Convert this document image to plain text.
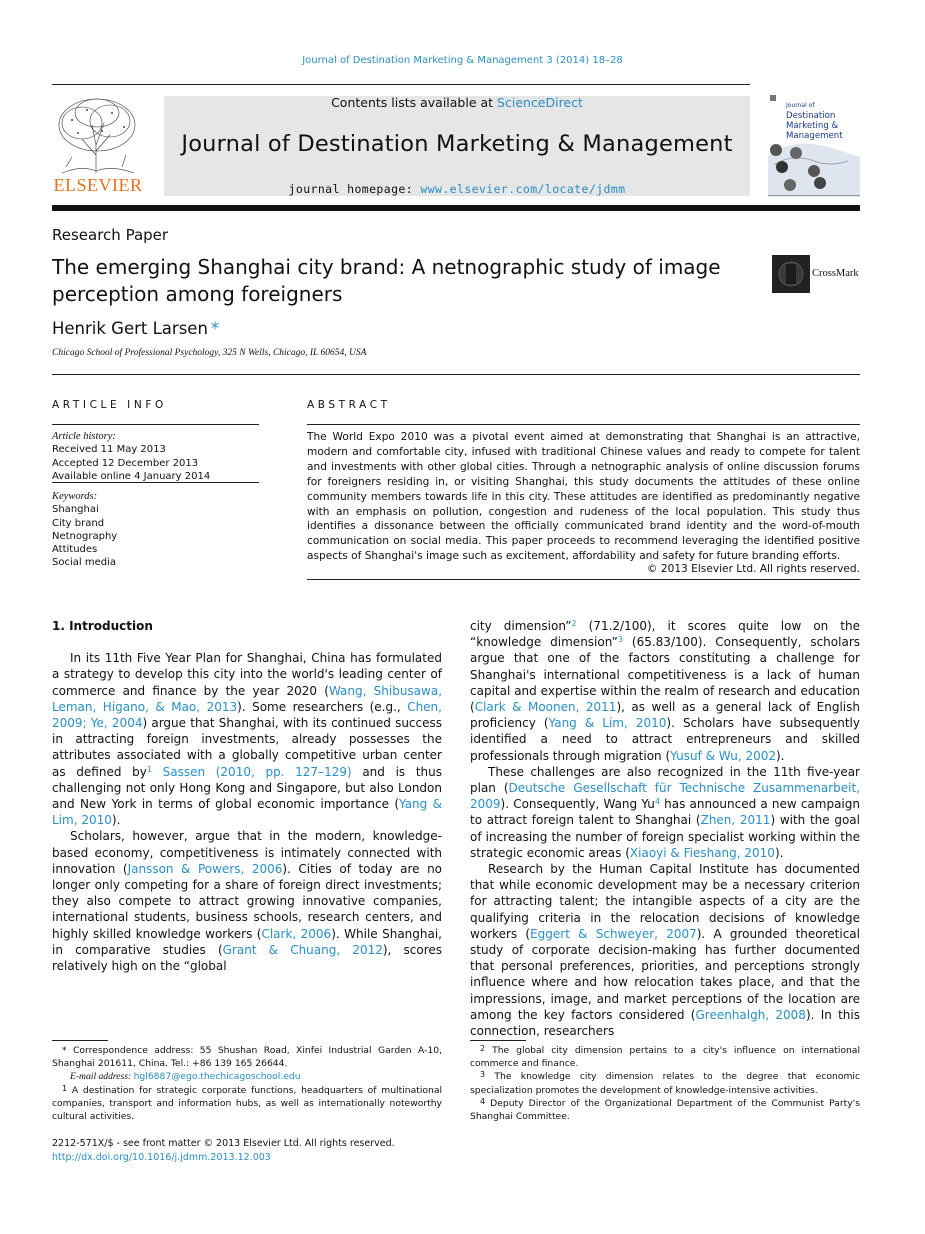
Journal of Destination Marketing & Management 3 (2014) 18–28
ELSEVIER
Contents lists available at ScienceDirect
Journal of Destination Marketing & Management
journal homepage: www.elsevier.com/locate/jdmm
Journal of
Destination
Marketing &
Management
Research Paper
The emerging Shanghai city brand: A netnographic study of image perception among foreigners
CrossMark
Henrik Gert Larsen *
Chicago School of Professional Psychology, 325 N Wells, Chicago, IL 60654, USA
ARTICLE INFO	ABSTRACT
Article history:
Received 11 May 2013
Accepted 12 December 2013
Available online 4 January 2014
Keywords:
Shanghai
City brand
Netnography
Attitudes
Social media
The World Expo 2010 was a pivotal event aimed at demonstrating that Shanghai is an attractive, modern and comfortable city, infused with traditional Chinese values and ready to compete for talent and investments with other global cities. Through a netnographic analysis of online discussion forums for foreigners residing in, or visiting Shanghai, this study documents the attitudes of these online community members towards life in this city. These attitudes are identified as predominantly negative with an emphasis on pollution, congestion and rudeness of the local population. This study thus identifies a dissonance between the officially communicated brand identity and the word-of-mouth communication on social media. This paper proceeds to recommend leveraging the identified positive aspects of Shanghai's image such as excitement, affordability and safety for future branding efforts.
© 2013 Elsevier Ltd. All rights reserved.

1. Introduction

In its 11th Five Year Plan for Shanghai, China has formulated a strategy to develop this city into the world's leading center of commerce and finance by the year 2020 (Wang, Shibusawa, Leman, Higano, & Mao, 2013). Some researchers (e.g., Chen, 2009; Ye, 2004) argue that Shanghai, with its continued success in attracting foreign investments, already possesses the attributes associated with a globally competitive urban center as defined $by^1$ Sassen (2010, pp. 127–129) and is thus challenging not only Hong Kong and Singapore, but also London and New York in terms of global economic importance (Yang & Lim, 2010).

Scholars, however, argue that in the modern, knowledge-based economy, competitiveness is intimately connected with innovation (Jansson & Powers, 2006). Cities of today are no longer only competing for a share of foreign direct investments; they also compete to attract growing innovative companies, international students, business schools, research centers, and highly skilled knowledge workers (Clark, 2006). While Shanghai, in comparative studies (Grant & Chuang, 2012), scores relatively high on the “global

city dimension”$^2$ (71.2/100), it scores quite low on the “knowledge dimension”$^3$ (65.83/100). Consequently, scholars argue that one of the factors constituting a challenge for Shanghai's international competitiveness is a lack of human capital and expertise within the realm of research and education (Clark & Moonen, 2011), as well as a general lack of English proficiency (Yang & Lim, 2010). Scholars have subsequently identified a need to attract entrepreneurs and skilled professionals through migration (Yusuf & Wu, 2002).

These challenges are also recognized in the 11th five-year plan (Deutsche Gesellschaft für Technische Zusammenarbeit, 2009). Consequently, Wang Yu$^4$ has announced a new campaign to attract foreign talent to Shanghai (Zhen, 2011) with the goal of increasing the number of foreign specialist working within the strategic economic areas (Xiaoyi & Fieshang, 2010).

Research by the Human Capital Institute has documented that while economic development may be a necessary criterion for attracting talent; the intangible aspects of a city are the qualifying criteria in the relocation decisions of knowledge workers (Eggert & Schweyer, 2007). A grounded theoretical study of corporate decision-making has further documented that personal preferences, priorities, and perceptions strongly influence where and how relocation takes place, and that the impressions, image, and market perceptions of the location are among the key factors considered (Greenhalgh, 2008). In this connection, researchers

* Correspondence address: 55 Shushan Road, Xinfei Industrial Garden A-10, Shanghai 201611, China. Tel.: +86 139 165 26644.

E-mail address: hgl6887@ego.thechicagoschool.edu

$^1$ A destination for strategic corporate functions, headquarters of multinational companies, transport and information hubs, as well as internationally noteworthy cultural activities.

$^2$ The global city dimension pertains to a city's influence on international commerce and finance.

$^3$ The knowledge city dimension relates to the degree that economic specialization promotes the development of knowledge-intensive activities.

$^4$ Deputy Director of the Organizational Department of the Communist Party's Shanghai Committee.

2212-571X/$ - see front matter © 2013 Elsevier Ltd. All rights reserved.
http://dx.doi.org/10.1016/j.jdmm.2013.12.003
